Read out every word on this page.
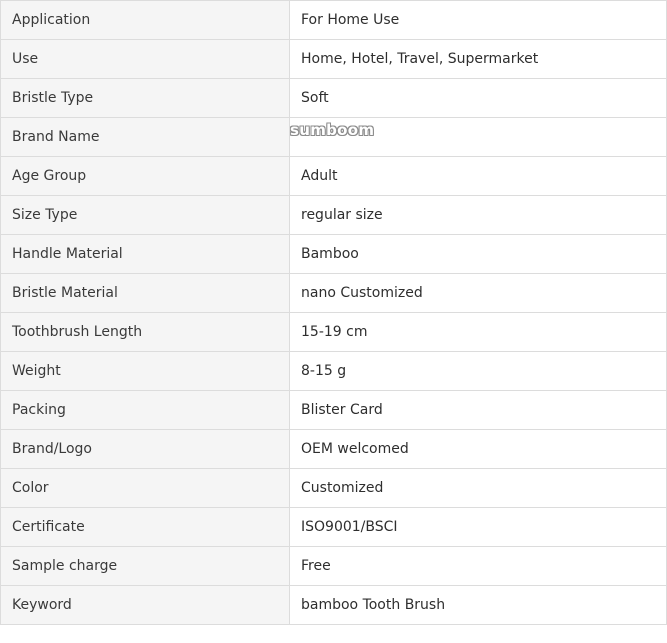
Application	For Home Use
Use	Home, Hotel, Travel, Supermarket
Bristle Type	Soft
Brand Name	sumboom

Age Group	Adult
Size Type	regular size
Handle Material	Bamboo
Bristle Material	nano Customized
Toothbrush Length	15-19 cm
Weight	8-15 g
Packing	Blister Card
Brand/Logo	OEM welcomed
Color	Customized
Certificate	ISO9001/BSCI
Sample charge	Free
Keyword	bamboo Tooth Brush
